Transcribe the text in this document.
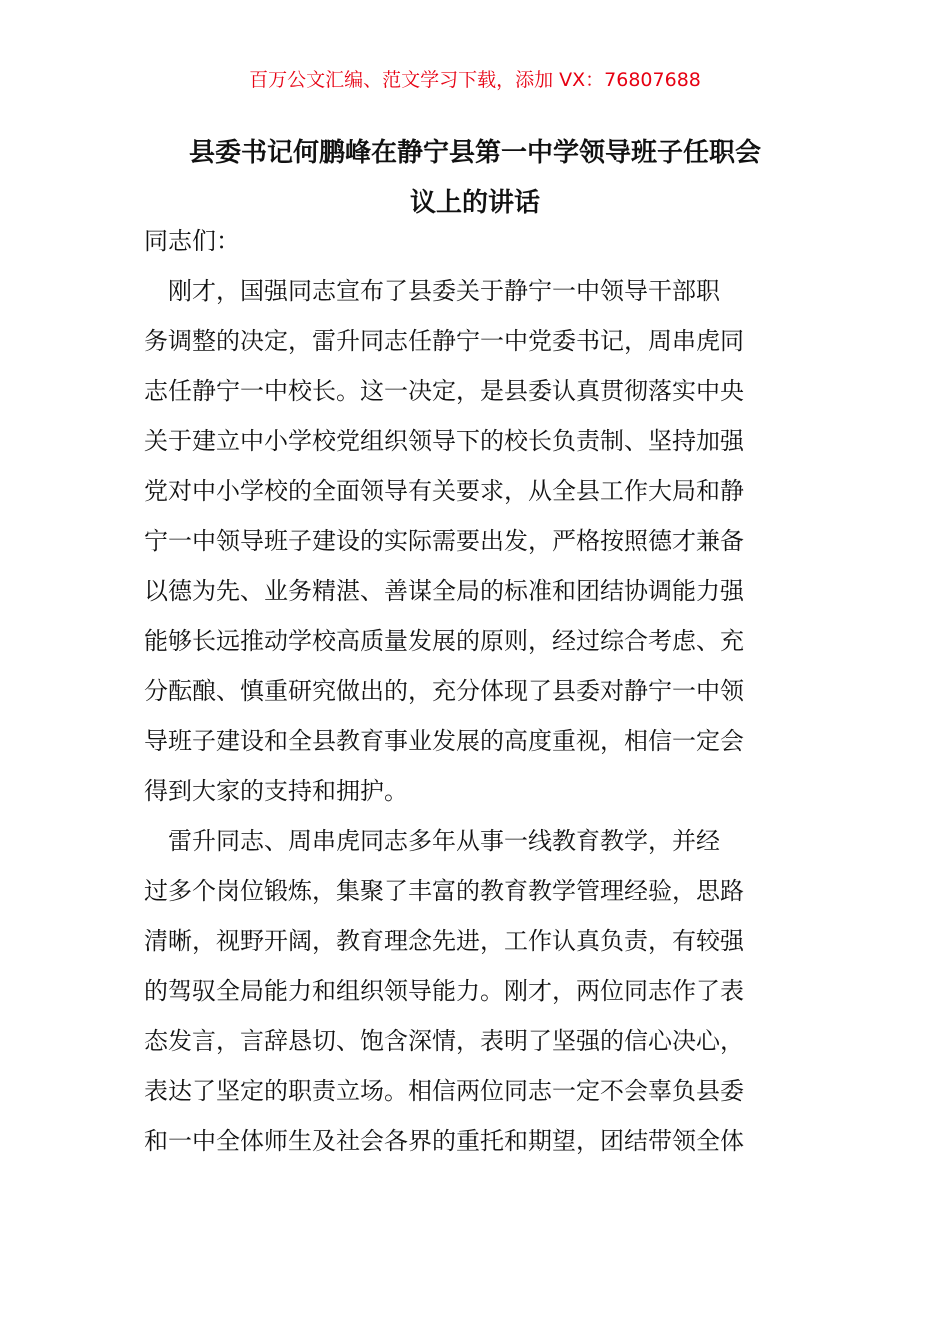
百万公文汇编、范文学习下载，添加 VX：76807688
县委书记何鹏峰在静宁县第一中学领导班子任职会
议上的讲话
同志们：
　刚才，国强同志宣布了县委关于静宁一中领导干部职
务调整的决定，雷升同志任静宁一中党委书记，周串虎同
志任静宁一中校长。这一决定，是县委认真贯彻落实中央
关于建立中小学校党组织领导下的校长负责制、坚持加强
党对中小学校的全面领导有关要求，从全县工作大局和静
宁一中领导班子建设的实际需要出发，严格按照德才兼备
以德为先、业务精湛、善谋全局的标准和团结协调能力强
能够长远推动学校高质量发展的原则，经过综合考虑、充
分酝酿、慎重研究做出的，充分体现了县委对静宁一中领
导班子建设和全县教育事业发展的高度重视，相信一定会
得到大家的支持和拥护。
　雷升同志、周串虎同志多年从事一线教育教学，并经
过多个岗位锻炼，集聚了丰富的教育教学管理经验，思路
清晰，视野开阔，教育理念先进，工作认真负责，有较强
的驾驭全局能力和组织领导能力。刚才，两位同志作了表
态发言，言辞恳切、饱含深情，表明了坚强的信心决心，
表达了坚定的职责立场。相信两位同志一定不会辜负县委
和一中全体师生及社会各界的重托和期望，团结带领全体
